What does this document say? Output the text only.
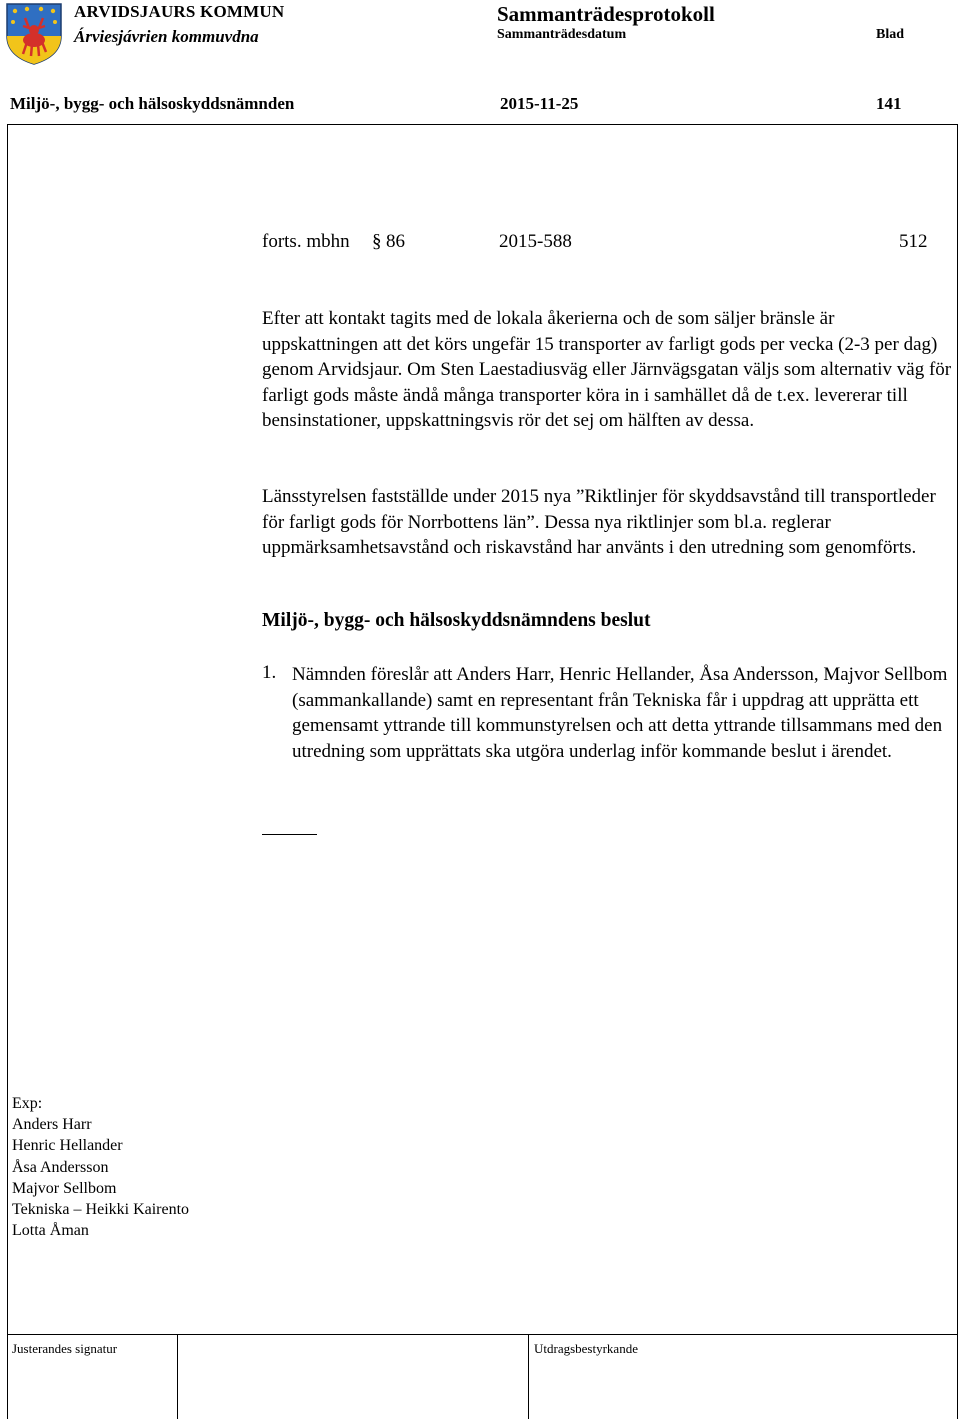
ARVIDSJAURS KOMMUN
Árviesjávrien kommuvdna
Sammanträdesprotokoll
Sammanträdesdatum	Blad
Miljö-, bygg- och hälsoskyddsnämnden	2015-11-25	141
forts. mbhn § 86	2015-588	512

Efter att kontakt tagits med de lokala åkerierna och de som säljer bränsle är uppskattningen att det körs ungefär 15 transporter av farligt gods per vecka (2-3 per dag) genom Arvidsjaur. Om Sten Laestadiusväg eller Järnvägsgatan väljs som alternativ väg för farligt gods måste ändå många transporter köra in i samhället då de t.ex. levererar till bensinstationer, uppskattningsvis rör det sej om hälften av dessa.

Länsstyrelsen fastställde under 2015 nya ”Riktlinjer för skyddsavstånd till transportleder för farligt gods för Norrbottens län”. Dessa nya riktlinjer som bl.a. reglerar uppmärksamhetsavstånd och riskavstånd har använts i den utredning som genomförts.

Miljö-, bygg- och hälsoskyddsnämndens beslut
1. Nämnden föreslår att Anders Harr, Henric Hellander, Åsa Andersson, Majvor Sellbom (sammankallande) samt en representant från Tekniska får i uppdrag att upprätta ett gemensamt yttrande till kommunstyrelsen och att detta yttrande tillsammans med den utredning som upprättats ska utgöra underlag inför kommande beslut i ärendet.
Exp:
Anders Harr
Henric Hellander
Åsa Andersson
Majvor Sellbom
Tekniska – Heikki Kairento
Lotta Åman
Justerandes signatur	Utdragsbestyrkande
